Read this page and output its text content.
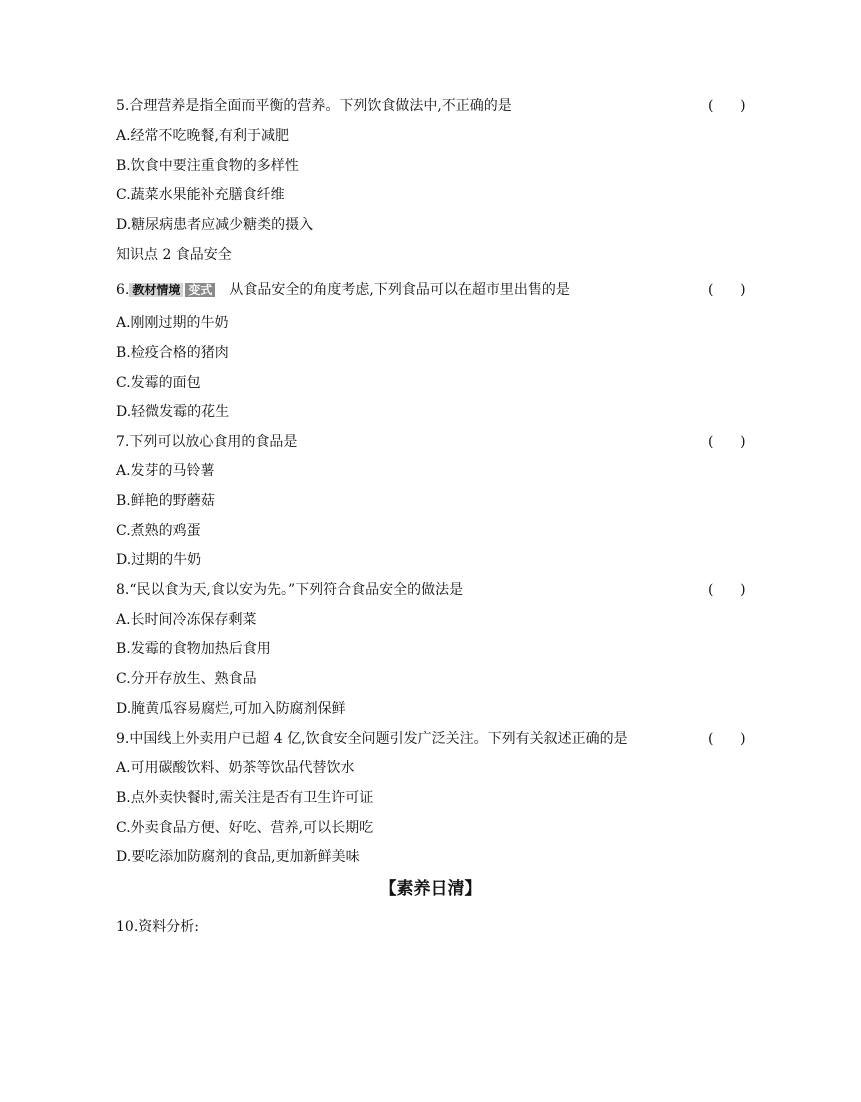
5.合理营养是指全面而平衡的营养。下列饮食做法中,不正确的是	(      )
A.经常不吃晚餐,有利于减肥
B.饮食中要注重食物的多样性
C.蔬菜水果能补充膳食纤维
D.糖尿病患者应减少糖类的摄入
知识点 2 食品安全
6. 教材情境 变式 从食品安全的角度考虑,下列食品可以在超市里出售的是	(      )
A.刚刚过期的牛奶
B.检疫合格的猪肉
C.发霉的面包
D.轻微发霉的花生
7.下列可以放心食用的食品是	(      )
A.发芽的马铃薯
B.鲜艳的野蘑菇
C.煮熟的鸡蛋
D.过期的牛奶
8.“民以食为天,食以安为先。”下列符合食品安全的做法是	(      )
A.长时间冷冻保存剩菜
B.发霉的食物加热后食用
C.分开存放生、熟食品
D.腌黄瓜容易腐烂,可加入防腐剂保鲜
9.中国线上外卖用户已超 4 亿,饮食安全问题引发广泛关注。下列有关叙述正确的是	(      )
A.可用碳酸饮料、奶茶等饮品代替饮水
B.点外卖快餐时,需关注是否有卫生许可证
C.外卖食品方便、好吃、营养,可以长期吃
D.要吃添加防腐剂的食品,更加新鲜美味
【素养日清】
10.资料分析:
